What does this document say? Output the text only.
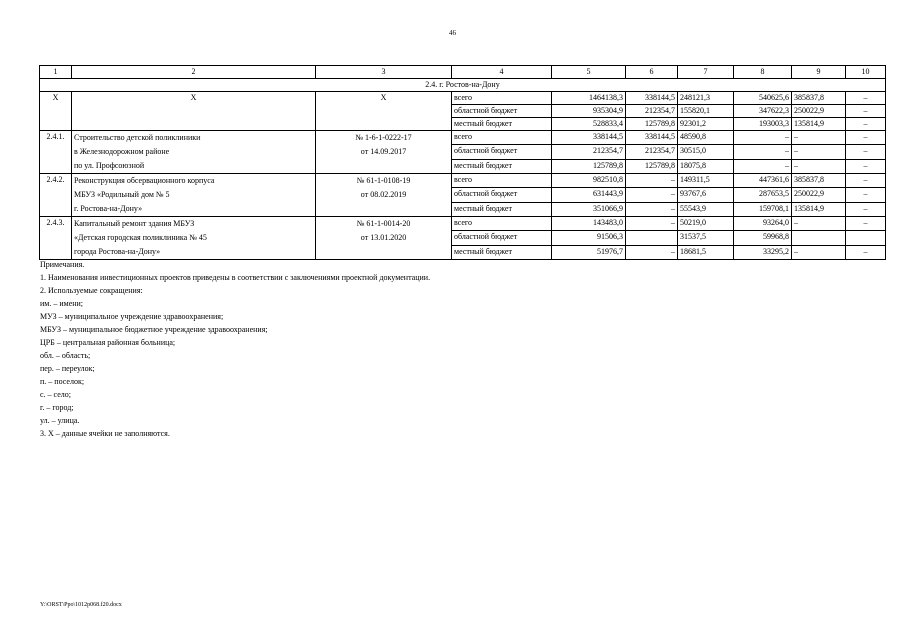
46
1	2	3	4	5	6	7	8	9	10
2.4. г. Ростов-на-Дону									
Х	Х	Х	всего	1464138,3	338144,5	248121,3	540625,6	385837,8	–
			областной бюджет	935304,9	212354,7	155820,1	347622,3	250022,9	–
			местный бюджет	528833,4	125789,8	92301,2	193003,3	135814,9	–
2.4.1.	Строительство детской поликлиники
в Железнодорожном районе
по ул. Профсоюзной	№ 1-6-1-0222-17
от 14.09.2017	всего	338144,5	338144,5	48590,8	–	–	–
			областной бюджет	212354,7	212354,7	30515,0	–	–	–
			местный бюджет	125789,8	125789,8	18075,8	–	–	–
2.4.2.	Реконструкция обсервационного корпуса
МБУЗ «Родильный дом № 5
г. Ростова-на-Дону»	№ 61-1-0108-19
от 08.02.2019	всего	982510,8	–	149311,5	447361,6	385837,8	–
			областной бюджет	631443,9	–	93767,6	287653,5	250022,9	–
			местный бюджет	351066,9	–	55543,9	159708,1	135814,9	–
2.4.3.	Капитальный ремонт здания МБУЗ
«Детская городская поликлиника № 45
города Ростова-на-Дону»	№ 61-1-0014-20
от 13.01.2020	всего	143483,0	–	50219,0	93264,0	–	–
			областной бюджет	91506,3		31537,5	59968,8		
			местный бюджет	51976,7	–	18681,5	33295,2	–	–
Примечания.
1. Наименования инвестиционных проектов приведены в соответствии с заключениями проектной документации.
2. Используемые сокращения:
им. – имени;
МУЗ – муниципальное учреждение здравоохранения;
МБУЗ – муниципальное бюджетное учреждение здравоохранения;
ЦРБ – центральная районная больница;
обл. – область;
пер. – переулок;
п. – поселок;
с. – село;
г. – город;
ул. – улица.
3. Х – данные ячейки не заполняются.
Y:\ORST\Ppo\1012p068.f20.docx
